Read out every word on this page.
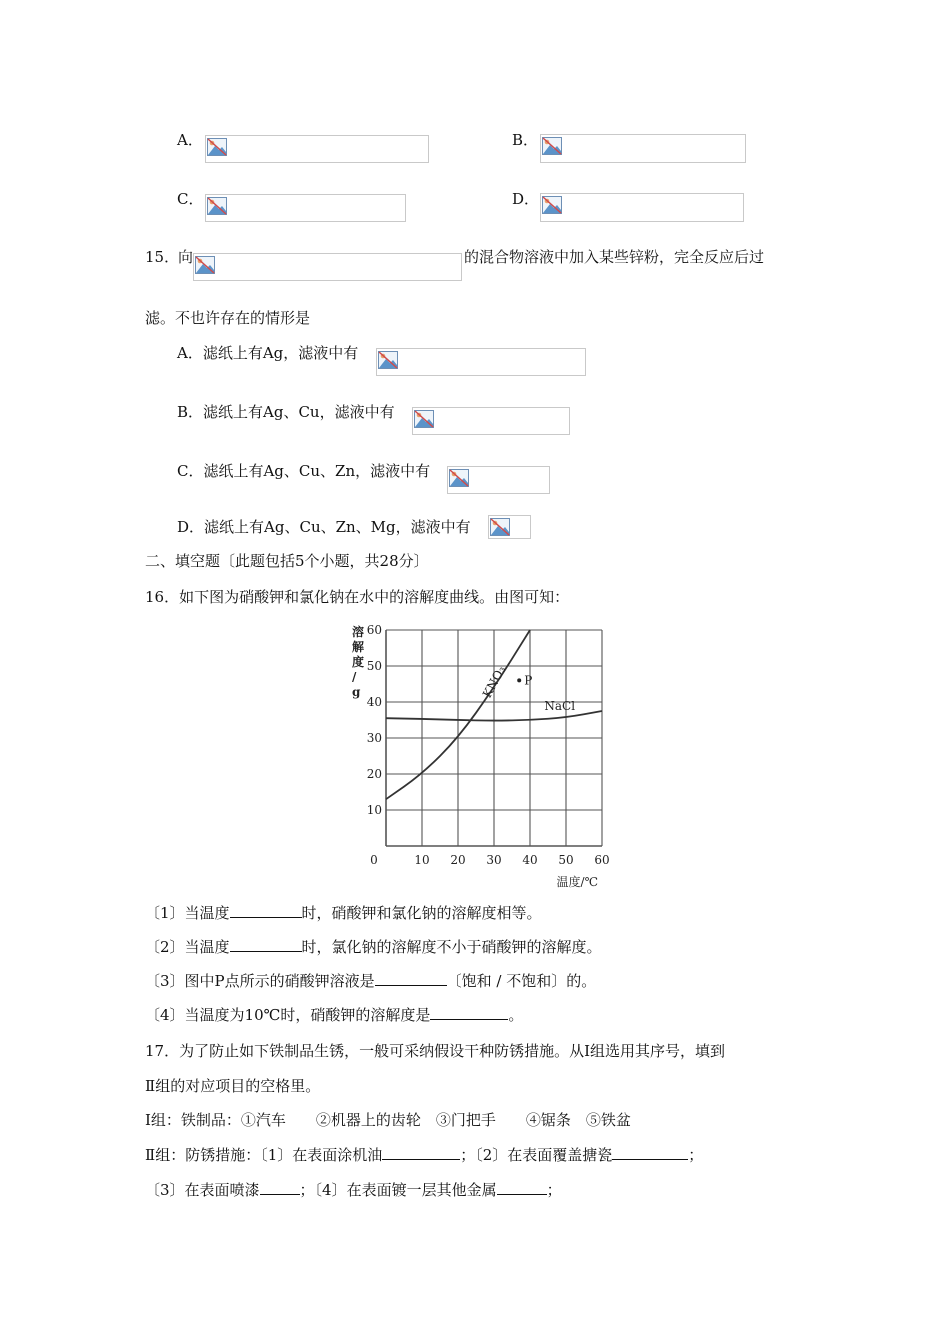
A．	B．
C．	D．
15．
向	的混合物溶液中加入某些锌粉，完全反应后过
滤。不也许存在的情形是
A．滤纸上有Ag，滤液中有
B．滤纸上有Ag、Cu，滤液中有
C．滤纸上有Ag、Cu、Zn，滤液中有
D．滤纸上有Ag、Cu、Zn、Mg，滤液中有
二、填空题〔此题包括5个小题，共28分〕
16．如下图为硝酸钾和氯化钠在水中的溶解度曲线。由图可知：
10 20 30 40 50 60
10
20
30
40
50
60
0
溶解度/ g
温度/℃
KNO₃
NaCl
P
〔1〕当温度	时，硝酸钾和氯化钠的溶解度相等。
〔2〕当温度	时，氯化钠的溶解度不小于硝酸钾的溶解度。
〔3〕图中P点所示的硝酸钾溶液是	〔饱和 / 不饱和〕的。
〔4〕当温度为10℃时，硝酸钾的溶解度是	。
17．为了防止如下铁制品生锈，一般可采纳假设干种防锈措施。从Ⅰ组选用其序号，填到
Ⅱ组的对应项目的空格里。
Ⅰ组：铁制品：①汽车　　②机器上的齿轮　③门把手　　④锯条　⑤铁盆
Ⅱ组：防锈措施：〔1〕在表面涂机油	；〔2〕在表面覆盖搪瓷	；
〔3〕在表面喷漆	；〔4〕在表面镀一层其他金属	；
